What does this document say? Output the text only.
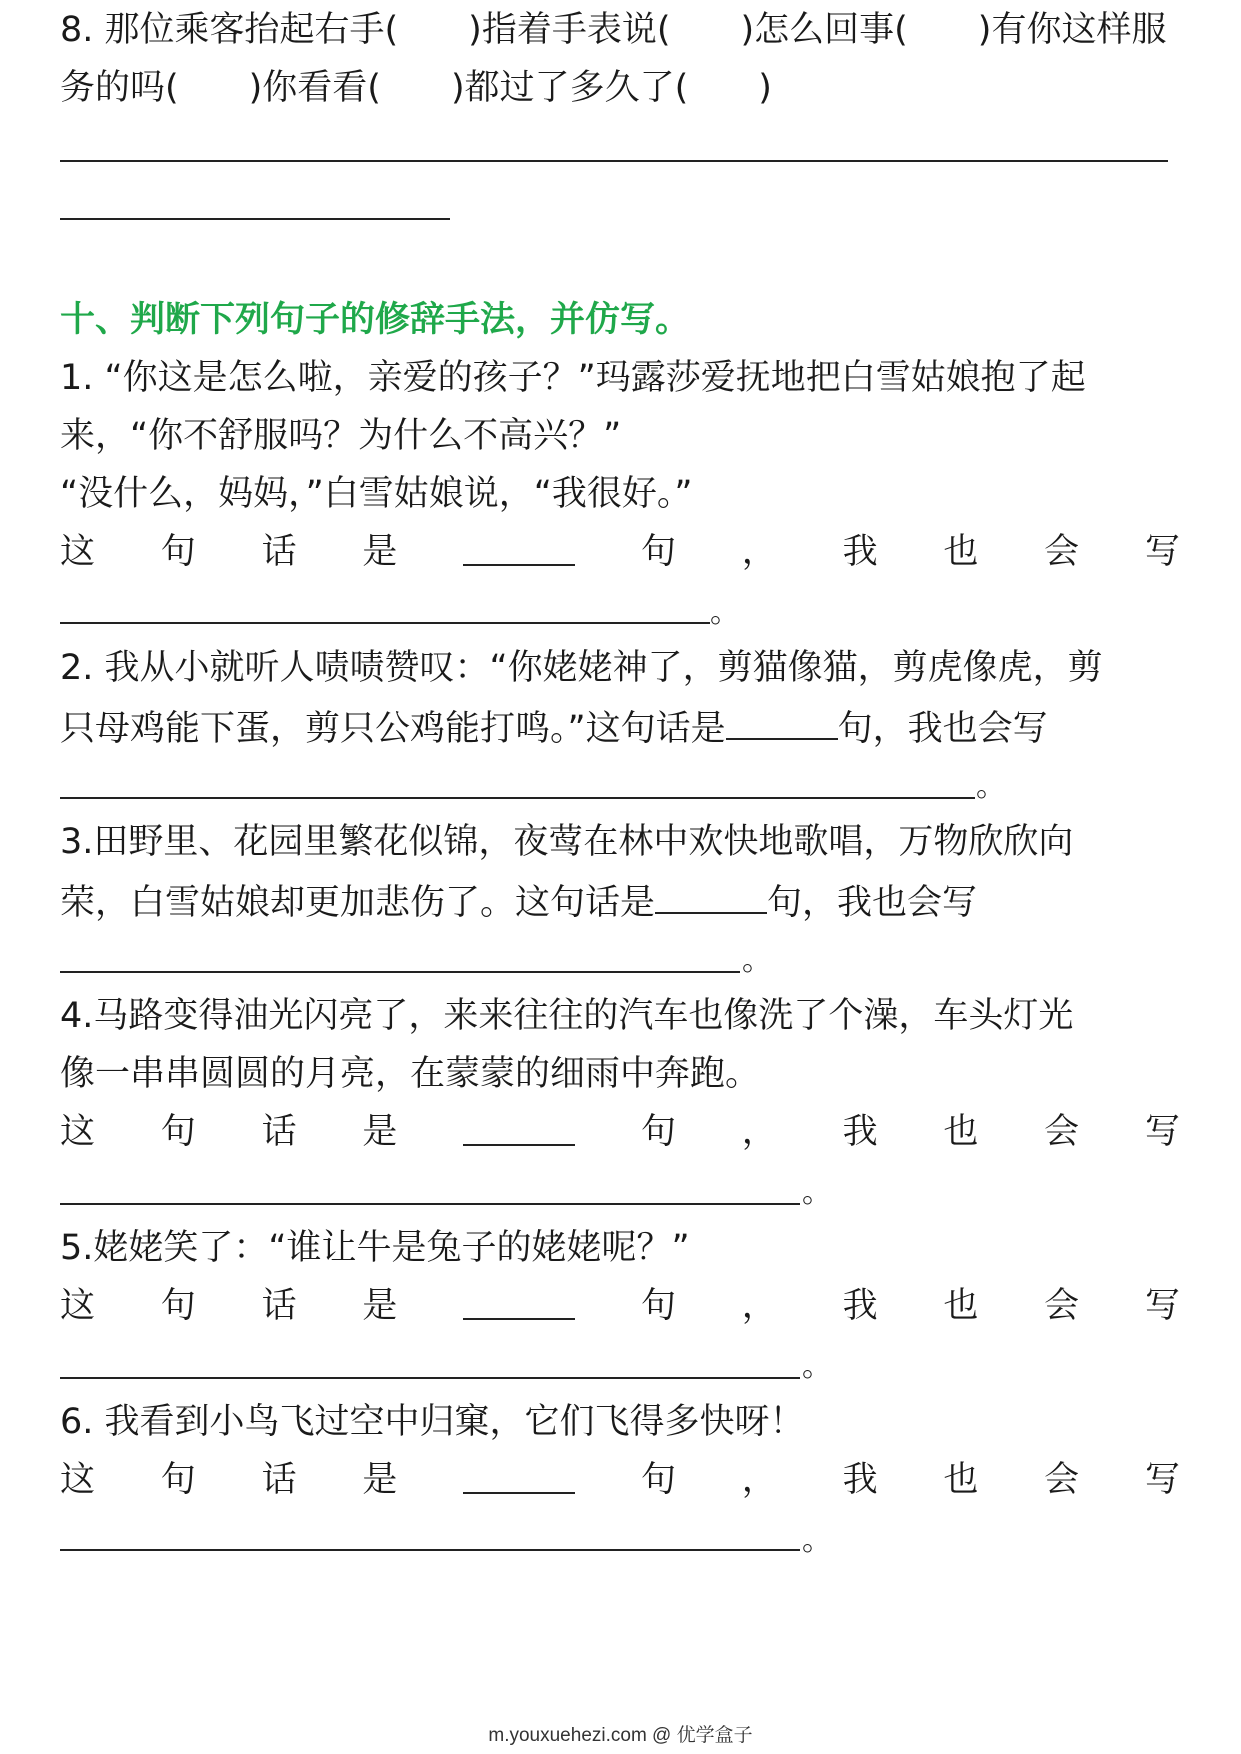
8. 那位乘客抬起右手(　　)指着手表说(　　)怎么回事(　　)有你这样服
务的吗(　　)你看看(　　)都过了多久了(　　)
十、判断下列句子的修辞手法，并仿写。
1. “你这是怎么啦，亲爱的孩子？”玛露莎爱抚地把白雪姑娘抱了起
来，“你不舒服吗？为什么不高兴？”
“没什么，妈妈，”白雪姑娘说，“我很好。”
这 句 话 是	句 ， 我 也 会 写
。
2. 我从小就听人啧啧赞叹：“你姥姥神了，剪猫像猫，剪虎像虎，剪
只母鸡能下蛋，剪只公鸡能打鸣。”这句话是	句，我也会写
。
3.田野里、花园里繁花似锦，夜莺在林中欢快地歌唱，万物欣欣向
荣，白雪姑娘却更加悲伤了。这句话是	句，我也会写
。
4.马路变得油光闪亮了，来来往往的汽车也像洗了个澡，车头灯光
像一串串圆圆的月亮，在蒙蒙的细雨中奔跑。
这 句 话 是	句 ， 我 也 会 写
。
5.姥姥笑了：“谁让牛是兔子的姥姥呢？”
这 句 话 是	句 ， 我 也 会 写
。
6. 我看到小鸟飞过空中归窠，它们飞得多快呀！
这 句 话 是	句 ， 我 也 会 写
。
m.youxuehezi.com @ 优学盒子
